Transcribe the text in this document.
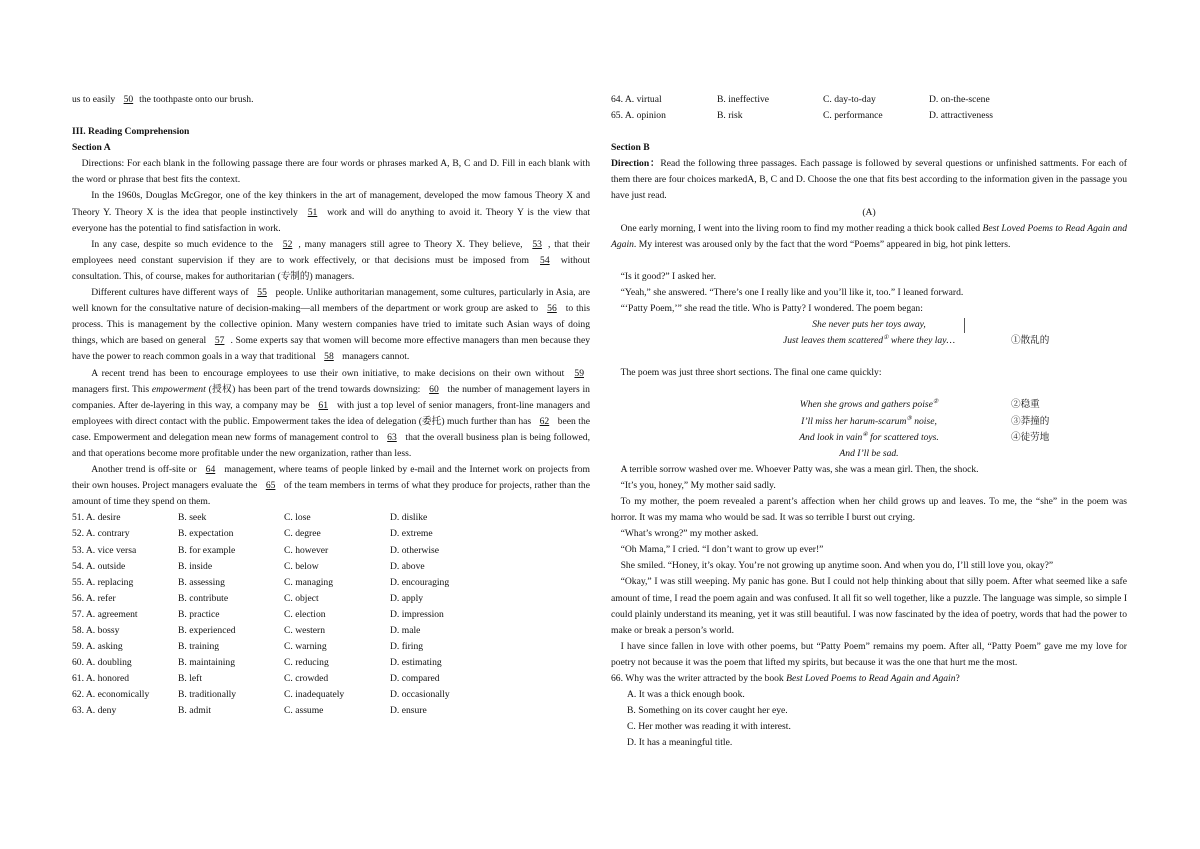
us to easily 50 the toothpaste onto our brush.

III. Reading Comprehension

Section A

Directions: For each blank in the following passage there are four words or phrases marked A, B, C and D. Fill in each blank with the word or phrase that best fits the context.

In the 1960s, Douglas McGregor, one of the key thinkers in the art of management, developed the mow famous Theory X and Theory Y. Theory X is the idea that people instinctively 51 work and will do anything to avoid it. Theory Y is the view that everyone has the potential to find satisfaction in work.

In any case, despite so much evidence to the 52 , many managers still agree to Theory X. They believe, 53 , that their employees need constant supervision if they are to work effectively, or that decisions must be imposed from 54 without consultation. This, of course, makes for authoritarian (专制的) managers.

Different cultures have different ways of 55 people. Unlike authoritarian management, some cultures, particularly in Asia, are well known for the consultative nature of decision-making—all members of the department or work group are asked to 56 to this process. This is management by the collective opinion. Many western companies have tried to imitate such Asian ways of doing things, which are based on general 57 . Some experts say that women will become more effective managers than men because they have the power to reach common goals in a way that traditional 58 managers cannot.

A recent trend has been to encourage employees to use their own initiative, to make decisions on their own without 59 managers first. This empowerment (授权) has been part of the trend towards downsizing: 60 the number of management layers in companies. After de-layering in this way, a company may be 61 with just a top level of senior managers, front-line managers and employees with direct contact with the public. Empowerment takes the idea of delegation (委托) much further than has 62 been the case. Empowerment and delegation mean new forms of management control to 63 that the overall business plan is being followed, and that operations become more profitable under the new organization, rather than less.

Another trend is off-site or 64 management, where teams of people linked by e-mail and the Internet work on projects from their own houses. Project managers evaluate the 65 of the team members in terms of what they produce for projects, rather than the amount of time they spend on them.

51. A. desire	B. seek	C. lose	D. dislike
52. A. contrary	B. expectation	C. degree	D. extreme
53. A. vice versa	B. for example	C. however	D. otherwise
54. A. outside	B. inside	C. below	D. above
55. A. replacing	B. assessing	C. managing	D. encouraging
56. A. refer	B. contribute	C. object	D. apply
57. A. agreement	B. practice	C. election	D. impression
58. A. bossy	B. experienced	C. western	D. male
59. A. asking	B. training	C. warning	D. firing
60. A. doubling	B. maintaining	C. reducing	D. estimating
61. A. honored	B. left	C. crowded	D. compared
62. A. economically	B. traditionally	C. inadequately	D. occasionally
63. A. deny	B. admit	C. assume	D. ensure
64. A. virtual	B. ineffective	C. day-to-day	D. on-the-scene
65. A. opinion	B. risk	C. performance	D. attractiveness

Section B

Direction：Read the following three passages. Each passage is followed by several questions or unfinished sattments. For each of them there are four choices markedA, B, C and D. Choose the one that fits best according to the information given in the passage you have just read.

(A)

One early morning, I went into the living room to find my mother reading a thick book called Best Loved Poems to Read Again and Again. My interest was aroused only by the fact that the word “Poems” appeared in big, hot pink letters.

“Is it good?” I asked her.

“Yeah,” she answered. “There’s one I really like and you’ll like it, too.” I leaned forward.

“‘Patty Poem,’” she read the title. Who is Patty? I wondered. The poem began:

She never puts her toys away,
Just leaves them scattered① where they lay…	①散乱的

The poem was just three short sections. The final one came quickly:

When she grows and gathers poise②	②稳重
I’ll miss her harum-scarum③ noise,	③莽撞的
And look in vain④ for scattered toys.	④徒劳地
And I’ll be sad.

A terrible sorrow washed over me. Whoever Patty was, she was a mean girl. Then, the shock.

“It’s you, honey,” My mother said sadly.

To my mother, the poem revealed a parent’s affection when her child grows up and leaves. To me, the “she” in the poem was horror. It was my mama who would be sad. It was so terrible I burst out crying.

“What’s wrong?” my mother asked.

“Oh Mama,” I cried. “I don’t want to grow up ever!”

She smiled. “Honey, it’s okay. You’re not growing up anytime soon. And when you do, I’ll still love you, okay?”

“Okay,” I was still weeping. My panic has gone. But I could not help thinking about that silly poem. After what seemed like a safe amount of time, I read the poem again and was confused. It all fit so well together, like a puzzle. The language was simple, so simple I could plainly understand its meaning, yet it was still beautiful. I was now fascinated by the idea of poetry, words that had the power to make or break a person’s world.

I have since fallen in love with other poems, but “Patty Poem” remains my poem. After all, “Patty Poem” gave me my love for poetry not because it was the poem that lifted my spirits, but because it was the one that hurt me the most.

66. Why was the writer attracted by the book Best Loved Poems to Read Again and Again?

A. It was a thick enough book.

B. Something on its cover caught her eye.

C. Her mother was reading it with interest.

D. It has a meaningful title.
